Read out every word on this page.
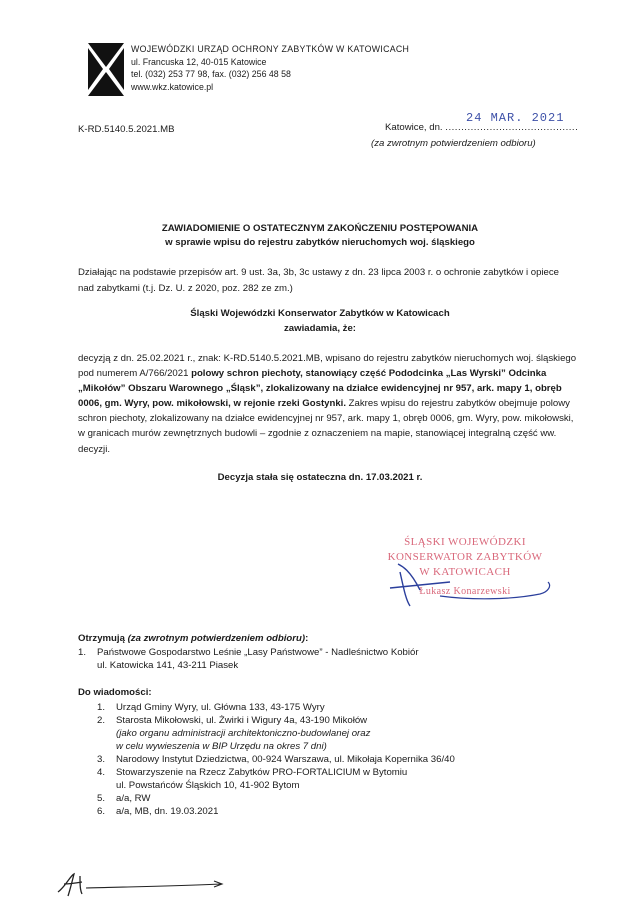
WOJEWÓDZKI URZĄD OCHRONY ZABYTKÓW W KATOWICACH
ul. Francuska 12, 40-015 Katowice
tel. (032) 253 77 98, fax. (032) 256 48 58
www.wkz.katowice.pl
K-RD.5140.5.2021.MB
24 MAR. 2021
Katowice, dn. ..........................................
(za zwrotnym potwierdzeniem odbioru)
ZAWIADOMIENIE O OSTATECZNYM ZAKOŃCZENIU POSTĘPOWANIA
w sprawie wpisu do rejestru zabytków nieruchomych woj. śląskiego
Działając na podstawie przepisów art. 9 ust. 3a, 3b, 3c ustawy z dn. 23 lipca 2003 r. o ochronie zabytków i opiece nad zabytkami (t.j. Dz. U. z 2020, poz. 282 ze zm.)
Śląski Wojewódzki Konserwator Zabytków w Katowicach
zawiadamia, że:
decyzją z dn. 25.02.2021 r., znak: K-RD.5140.5.2021.MB, wpisano do rejestru zabytków nieruchomych woj. śląskiego pod numerem A/766/2021 polowy schron piechoty, stanowiący część Pododcinka „Las Wyrski” Odcinka „Mikołów” Obszaru Warownego „Śląsk”, zlokalizowany na działce ewidencyjnej nr 957, ark. mapy 1, obręb 0006, gm. Wyry, pow. mikołowski, w rejonie rzeki Gostynki. Zakres wpisu do rejestru zabytków obejmuje polowy schron piechoty, zlokalizowany na działce ewidencyjnej nr 957, ark. mapy 1, obręb 0006, gm. Wyry, pow. mikołowski, w granicach murów zewnętrznych budowli – zgodnie z oznaczeniem na mapie, stanowiącej integralną część ww. decyzji.
Decyzja stała się ostateczna dn. 17.03.2021 r.
ŚLĄSKI WOJEWÓDZKI
KONSERWATOR ZABYTKÓW
W KATOWICACH
Łukasz Konarzewski
Otrzymują (za zwrotnym potwierdzeniem odbioru):
1. Państwowe Gospodarstwo Leśnie „Lasy Państwowe” - Nadleśnictwo Kobiór
ul. Katowicka 141, 43-211 Piasek
Do wiadomości:
1. Urząd Gminy Wyry, ul. Główna 133, 43-175 Wyry
2. Starosta Mikołowski, ul. Żwirki i Wigury 4a, 43-190 Mikołów
(jako organu administracji architektoniczno-budowlanej oraz
w celu wywieszenia w BIP Urzędu na okres 7 dni)
3. Narodowy Instytut Dziedzictwa, 00-924 Warszawa, ul. Mikołaja Kopernika 36/40
4. Stowarzyszenie na Rzecz Zabytków PRO-FORTALICIUM w Bytomiu
ul. Powstańców Śląskich 10, 41-902 Bytom
5. a/a, RW
6. a/a, MB, dn. 19.03.2021
